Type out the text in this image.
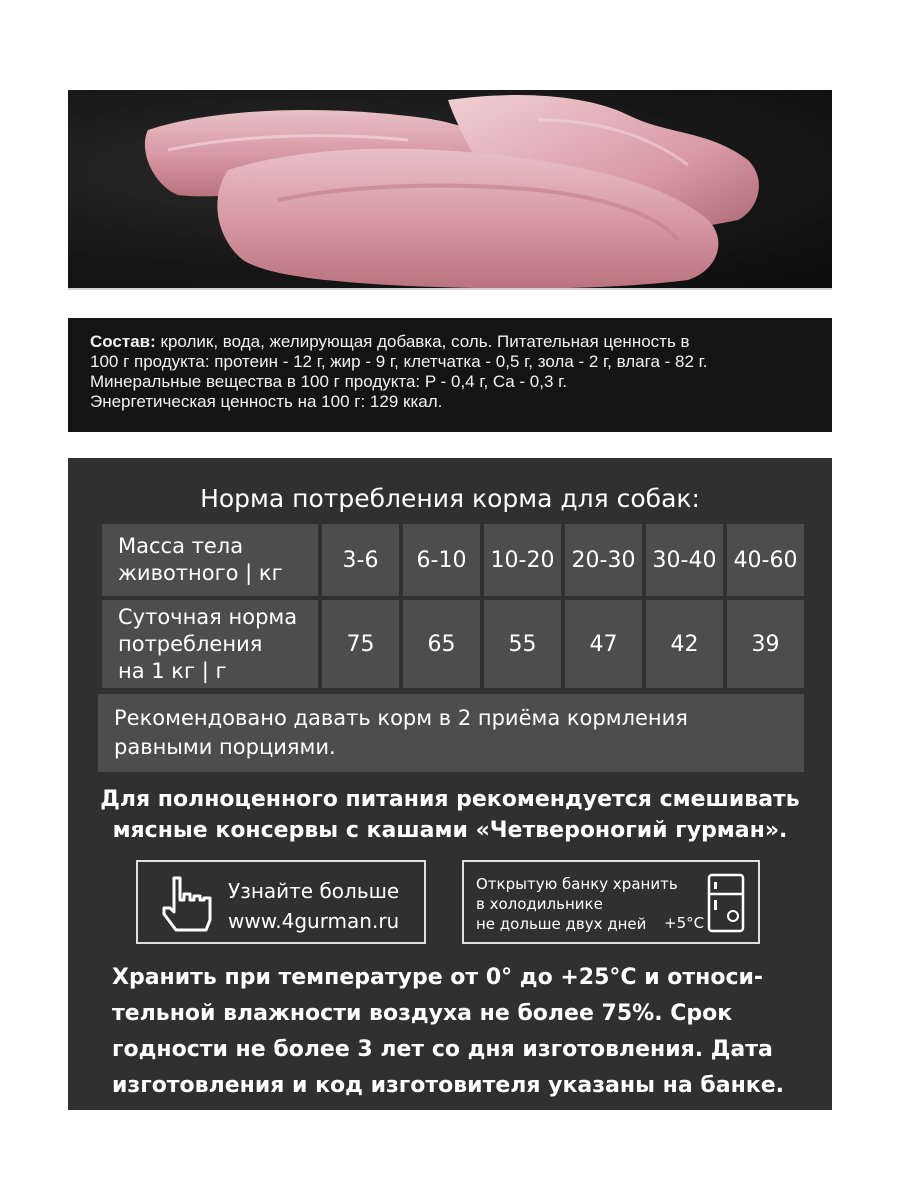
Состав: кролик, вода, желирующая добавка, соль. Питательная ценность в
100 г продукта: протеин - 12 г, жир - 9 г, клетчатка - 0,5 г, зола - 2 г, влага - 82 г.
Минеральные вещества в 100 г продукта: P - 0,4 г, Ca - 0,3 г.
Энергетическая ценность на 100 г: 129 ккал.
Норма потребления корма для собак:
Масса тела
животного | кг	3-6	6-10	10-20	20-30	30-40	40-60

Суточная норма
потребления
на 1 кг | г	75	65	55	47	42	39
Рекомендовано давать корм в 2 приёма кормления
равными порциями.
Для полноценного питания рекомендуется смешивать
мясные консервы с кашами «Четвероногий гурман».
Узнайте больше
www.4gurman.ru
Открытую банку хранить
в холодильнике
не дольше двух дней	+5°C
Хранить при температуре от 0° до +25°С и относи-
тельной влажности воздуха не более 75%. Срок
годности не более 3 лет со дня изготовления. Дата
изготовления и код изготовителя указаны на банке.
